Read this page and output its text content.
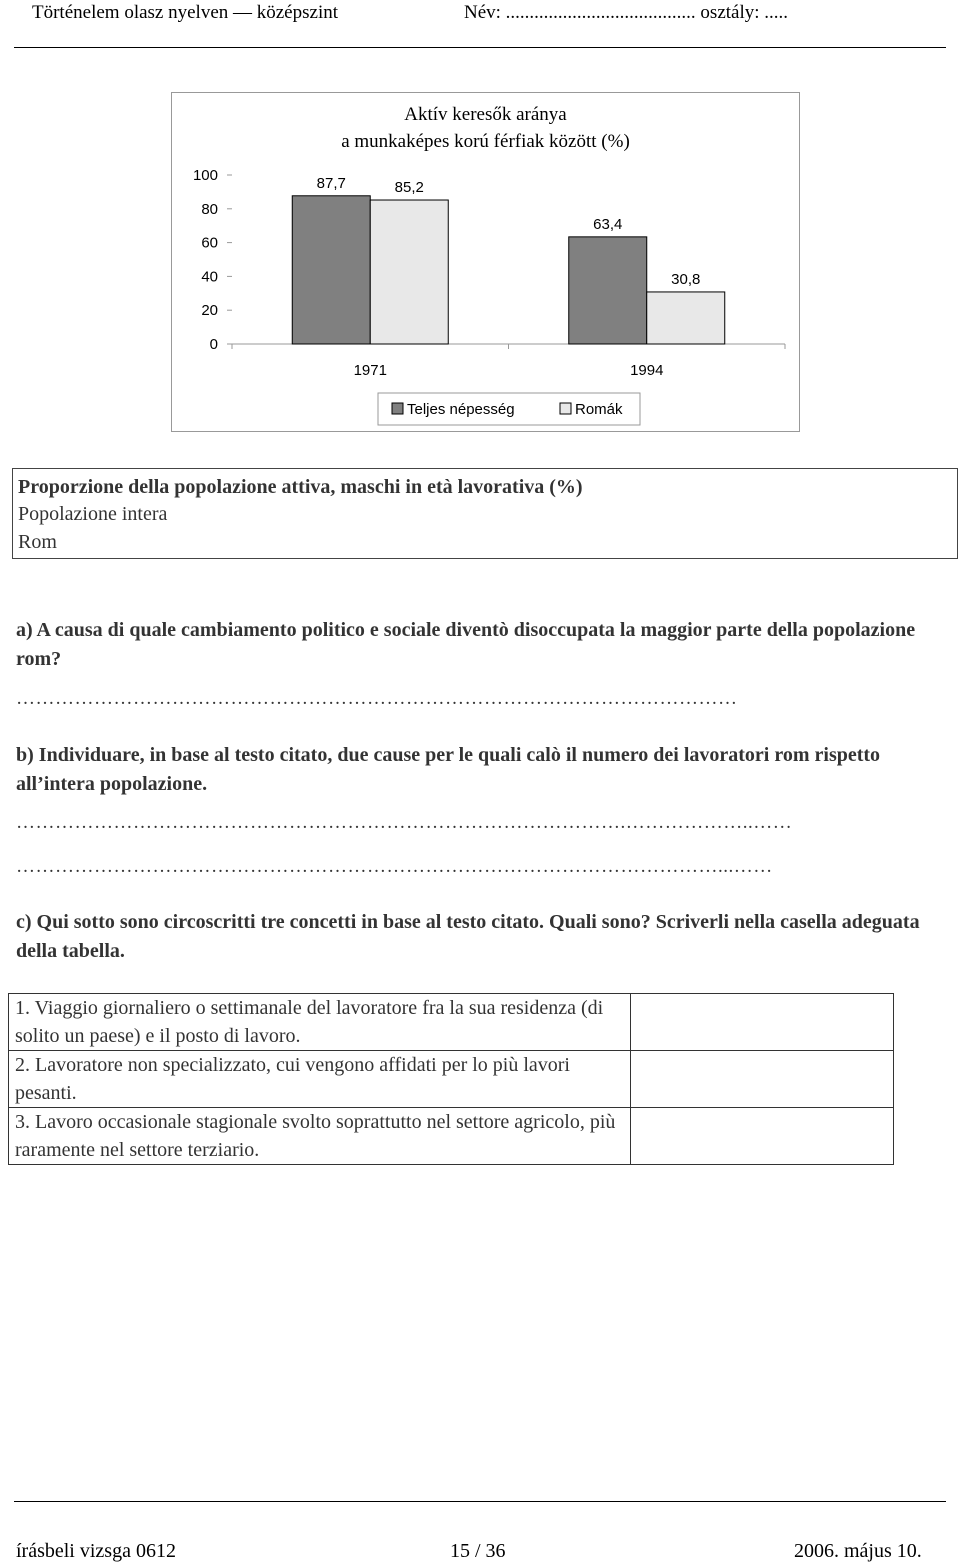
Történelem olasz nyelven — középszint	Név: ........................................ osztály: .....
0
20
40
60
80
100	87,7	85,2
1971
63,4
30,8
1994
Teljes népesség	Romák
Aktív keresők aránya
a munkaképes korú férfiak között (%)
Proporzione della popolazione attiva, maschi in età lavorativa (%)
Popolazione intera
Rom
a) A causa di quale cambiamento politico e sociale diventò disoccupata la maggior parte della popolazione rom?
…………………………………………………………………………………………………
b) Individuare, in base al testo citato, due cause per le quali calò il numero dei lavoratori rom rispetto all’intera popolazione.
………………………………………………………………………………….………………..……
………………………………………………………………………………………………...……
c) Qui sotto sono circoscritti tre concetti in base al testo citato. Quali sono? Scriverli nella casella adeguata della tabella.
1. Viaggio giornaliero o settimanale del lavoratore fra la sua residenza (di solito un paese) e il posto di lavoro.	
2. Lavoratore non specializzato, cui vengono affidati per lo più lavori pesanti.	
3. Lavoro occasionale stagionale svolto soprattutto nel settore agricolo, più raramente nel settore terziario.	
írásbeli vizsga 0612	15 / 36	2006. május 10.
